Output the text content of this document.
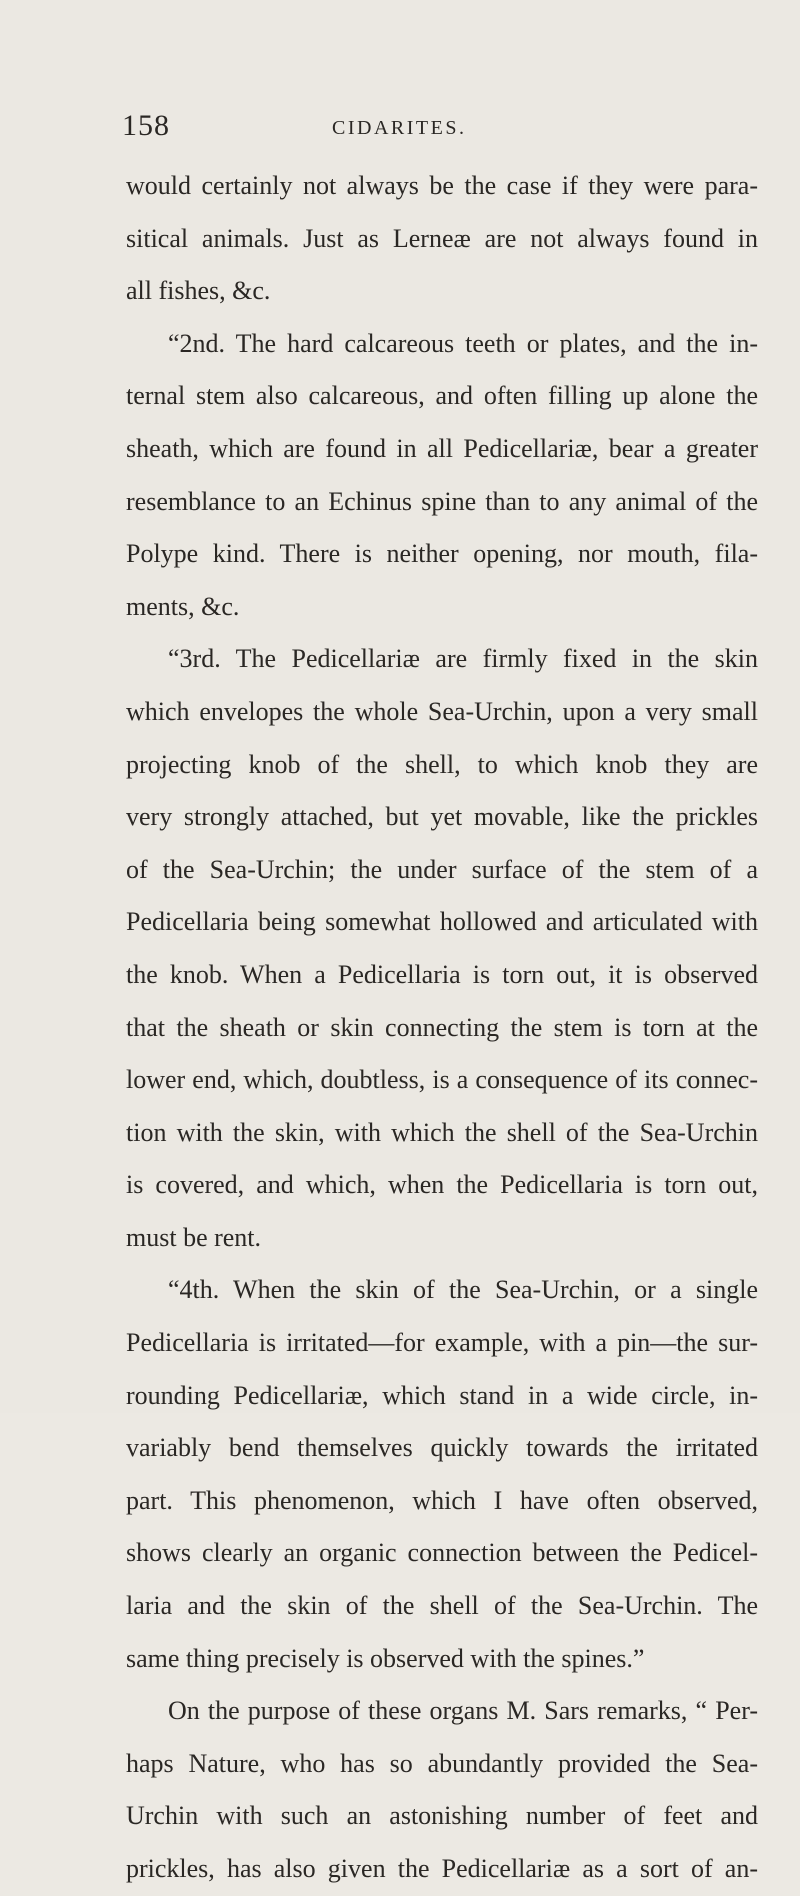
158	CIDARITES.
would certainly not always be the case if they were para-
sitical animals. Just as Lerneæ are not always found in
all fishes, &c.
“2nd. The hard calcareous teeth or plates, and the in-
ternal stem also calcareous, and often filling up alone the
sheath, which are found in all Pedicellariæ, bear a greater
resemblance to an Echinus spine than to any animal of the
Polype kind. There is neither opening, nor mouth, fila-
ments, &c.
“3rd. The Pedicellariæ are firmly fixed in the skin
which envelopes the whole Sea-Urchin, upon a very small
projecting knob of the shell, to which knob they are
very strongly attached, but yet movable, like the prickles
of the Sea-Urchin; the under surface of the stem of a
Pedicellaria being somewhat hollowed and articulated with
the knob. When a Pedicellaria is torn out, it is observed
that the sheath or skin connecting the stem is torn at the
lower end, which, doubtless, is a consequence of its connec-
tion with the skin, with which the shell of the Sea-Urchin
is covered, and which, when the Pedicellaria is torn out,
must be rent.
“4th. When the skin of the Sea-Urchin, or a single
Pedicellaria is irritated—for example, with a pin—the sur-
rounding Pedicellariæ, which stand in a wide circle, in-
variably bend themselves quickly towards the irritated
part. This phenomenon, which I have often observed,
shows clearly an organic connection between the Pedicel-
laria and the skin of the shell of the Sea-Urchin. The
same thing precisely is observed with the spines.”
On the purpose of these organs M. Sars remarks, “ Per-
haps Nature, who has so abundantly provided the Sea-
Urchin with such an astonishing number of feet and
prickles, has also given the Pedicellariæ as a sort of an-
